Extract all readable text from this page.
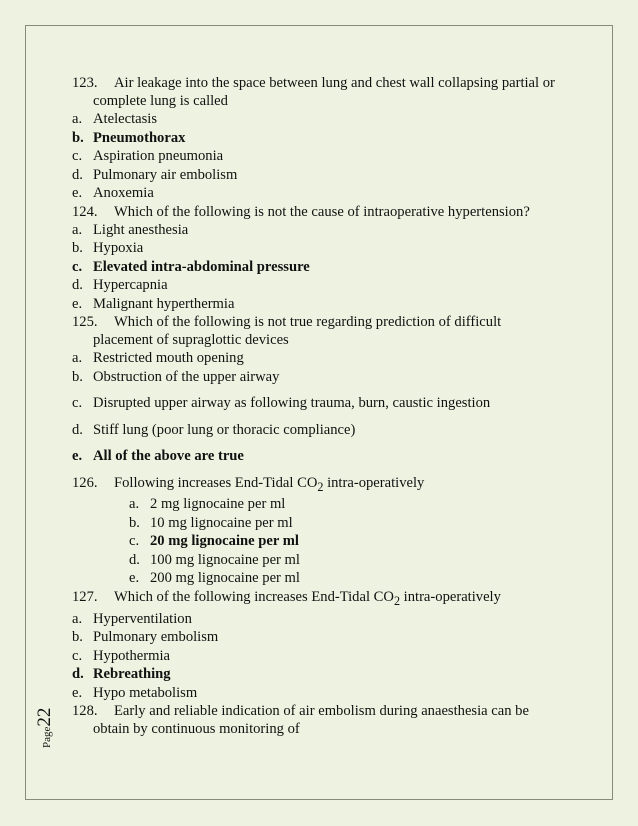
123. Air leakage into the space between lung and chest wall collapsing partial or
complete lung is called
a. Atelectasis
b. Pneumothorax
c. Aspiration pneumonia
d. Pulmonary air embolism
e. Anoxemia
124. Which of the following is not the cause of intraoperative hypertension?
a. Light anesthesia
b. Hypoxia
c. Elevated intra-abdominal pressure
d. Hypercapnia
e. Malignant hyperthermia
125. Which of the following is not true regarding prediction of difficult
placement of supraglottic devices
a. Restricted mouth opening
b. Obstruction of the upper airway
c. Disrupted upper airway as following trauma, burn, caustic ingestion
d. Stiff lung (poor lung or thoracic compliance)
e. All of the above are true
126. Following increases End-Tidal $CO_2$ intra-operatively
a. 2 mg lignocaine per ml
b. 10 mg lignocaine per ml
c. 20 mg lignocaine per ml
d. 100 mg lignocaine per ml
e. 200 mg lignocaine per ml
127. Which of the following increases End-Tidal $CO_2$ intra-operatively
a. Hyperventilation
b. Pulmonary embolism
c. Hypothermia
d. Rebreathing
e. Hypo metabolism
128. Early and reliable indication of air embolism during anaesthesia can be
obtain by continuous monitoring of
Page22
